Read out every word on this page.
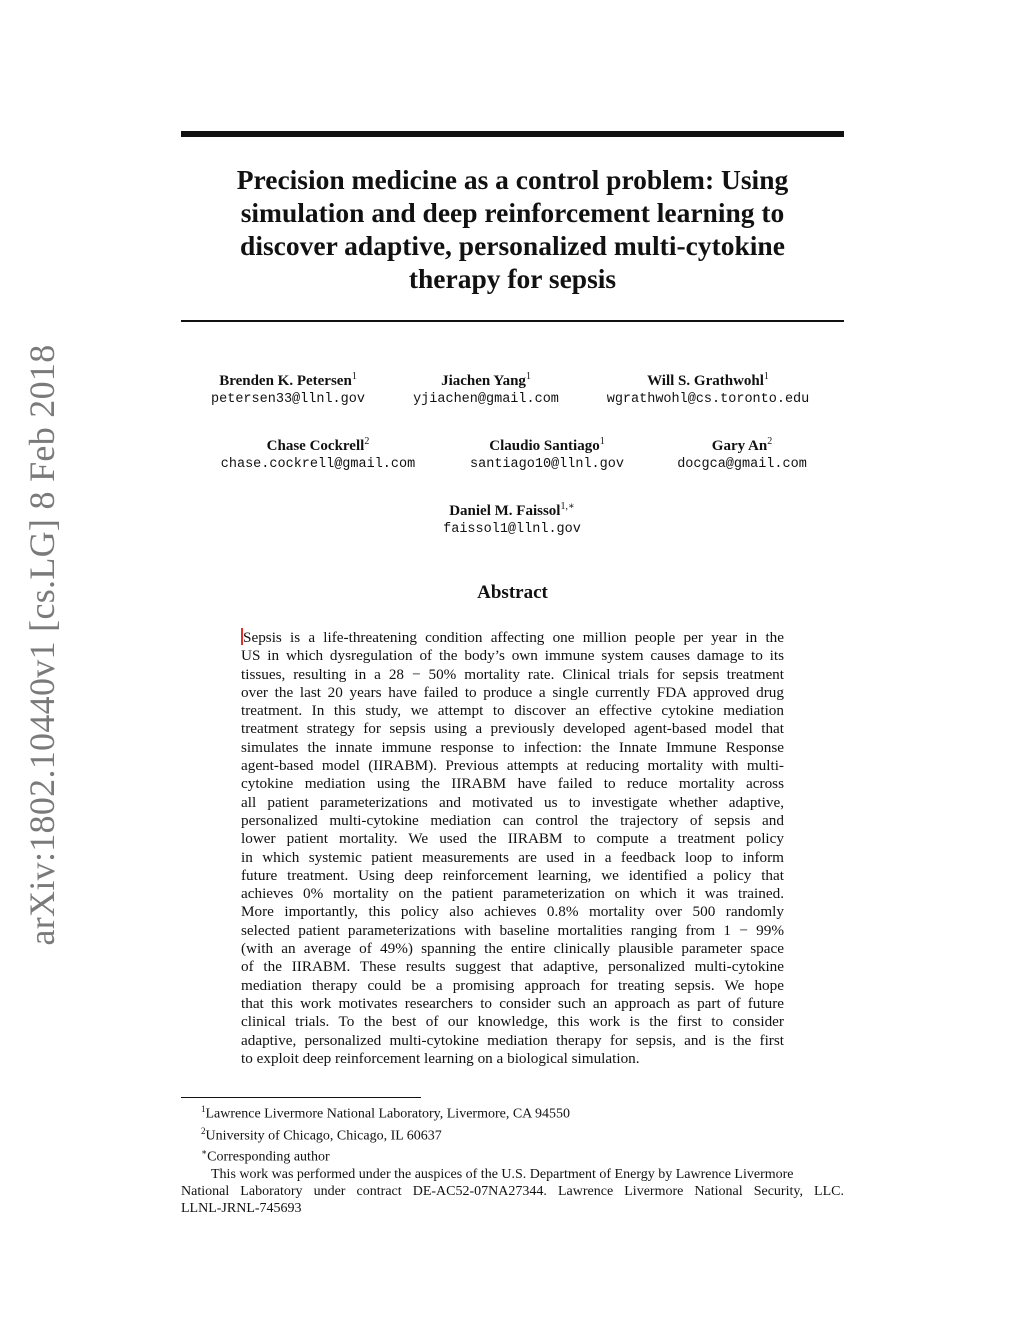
arXiv:1802.10440v1 [cs.LG] 8 Feb 2018
Precision medicine as a control problem: Using
simulation and deep reinforcement learning to
discover adaptive, personalized multi-cytokine
therapy for sepsis
Brenden K. Petersen$^1$
petersen33@llnl.gov
Jiachen Yang$^1$
yjiachen@gmail.com
Will S. Grathwohl$^1$
wgrathwohl@cs.toronto.edu
Chase Cockrell$^2$
chase.cockrell@gmail.com
Claudio Santiago$^1$
santiago10@llnl.gov
Gary An$^2$
docgca@gmail.com
Daniel M. Faissol$^{1,∗}$
faissol1@llnl.gov
Abstract
Sepsis is a life-threatening condition affecting one million people per year in the
US in which dysregulation of the body’s own immune system causes damage to its
tissues, resulting in a 28 − 50% mortality rate. Clinical trials for sepsis treatment
over the last 20 years have failed to produce a single currently FDA approved drug
treatment. In this study, we attempt to discover an effective cytokine mediation
treatment strategy for sepsis using a previously developed agent-based model that
simulates the innate immune response to infection: the Innate Immune Response
agent-based model (IIRABM). Previous attempts at reducing mortality with multi-
cytokine mediation using the IIRABM have failed to reduce mortality across
all patient parameterizations and motivated us to investigate whether adaptive,
personalized multi-cytokine mediation can control the trajectory of sepsis and
lower patient mortality. We used the IIRABM to compute a treatment policy
in which systemic patient measurements are used in a feedback loop to inform
future treatment. Using deep reinforcement learning, we identified a policy that
achieves 0% mortality on the patient parameterization on which it was trained.
More importantly, this policy also achieves 0.8% mortality over 500 randomly
selected patient parameterizations with baseline mortalities ranging from 1 − 99%
(with an average of 49%) spanning the entire clinically plausible parameter space
of the IIRABM. These results suggest that adaptive, personalized multi-cytokine
mediation therapy could be a promising approach for treating sepsis. We hope
that this work motivates researchers to consider such an approach as part of future
clinical trials. To the best of our knowledge, this work is the first to consider
adaptive, personalized multi-cytokine mediation therapy for sepsis, and is the first
to exploit deep reinforcement learning on a biological simulation.
$^1$Lawrence Livermore National Laboratory, Livermore, CA 94550
$^2$University of Chicago, Chicago, IL 60637
∗Corresponding author
This work was performed under the auspices of the U.S. Department of Energy by Lawrence Livermore
National Laboratory under contract DE-AC52-07NA27344. Lawrence Livermore National Security, LLC.
LLNL-JRNL-745693
